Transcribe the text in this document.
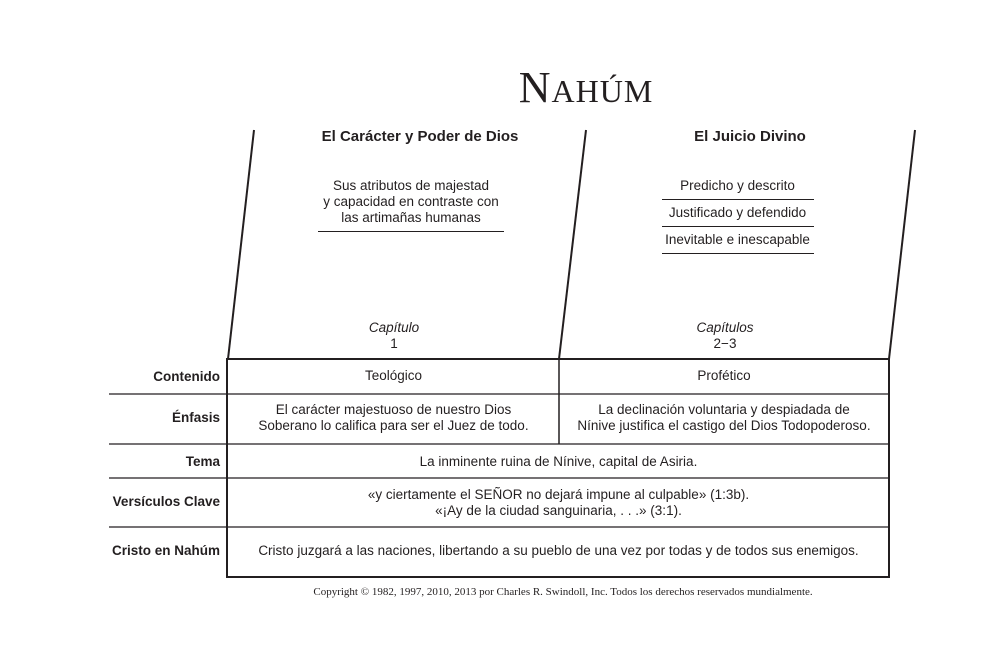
NAHÚM
El Carácter y Poder de Dios
Sus atributos de majestad
y capacidad en contraste con
las artimañas humanas
Capítulo
1
El Juicio Divino
Predicho y descrito
Justificado y defendido
Inevitable e inescapable
Capítulos
2−3
Contenido
Énfasis
Tema
Versículos Clave
Cristo en Nahúm
Teológico	Profético
El carácter majestuoso de nuestro Dios
Soberano lo califica para ser el Juez de todo.
La declinación voluntaria y despiadada de
Nínive justifica el castigo del Dios Todopoderoso.
La inminente ruina de Nínive, capital de Asiria.
«y ciertamente el SEÑOR no dejará impune al culpable» (1:3b).
«¡Ay de la ciudad sanguinaria, . . .» (3:1).
Cristo juzgará a las naciones, libertando a su pueblo de una vez por todas y de todos sus enemigos.
Copyright © 1982, 1997, 2010, 2013 por Charles R. Swindoll, Inc. Todos los derechos reservados mundialmente.
